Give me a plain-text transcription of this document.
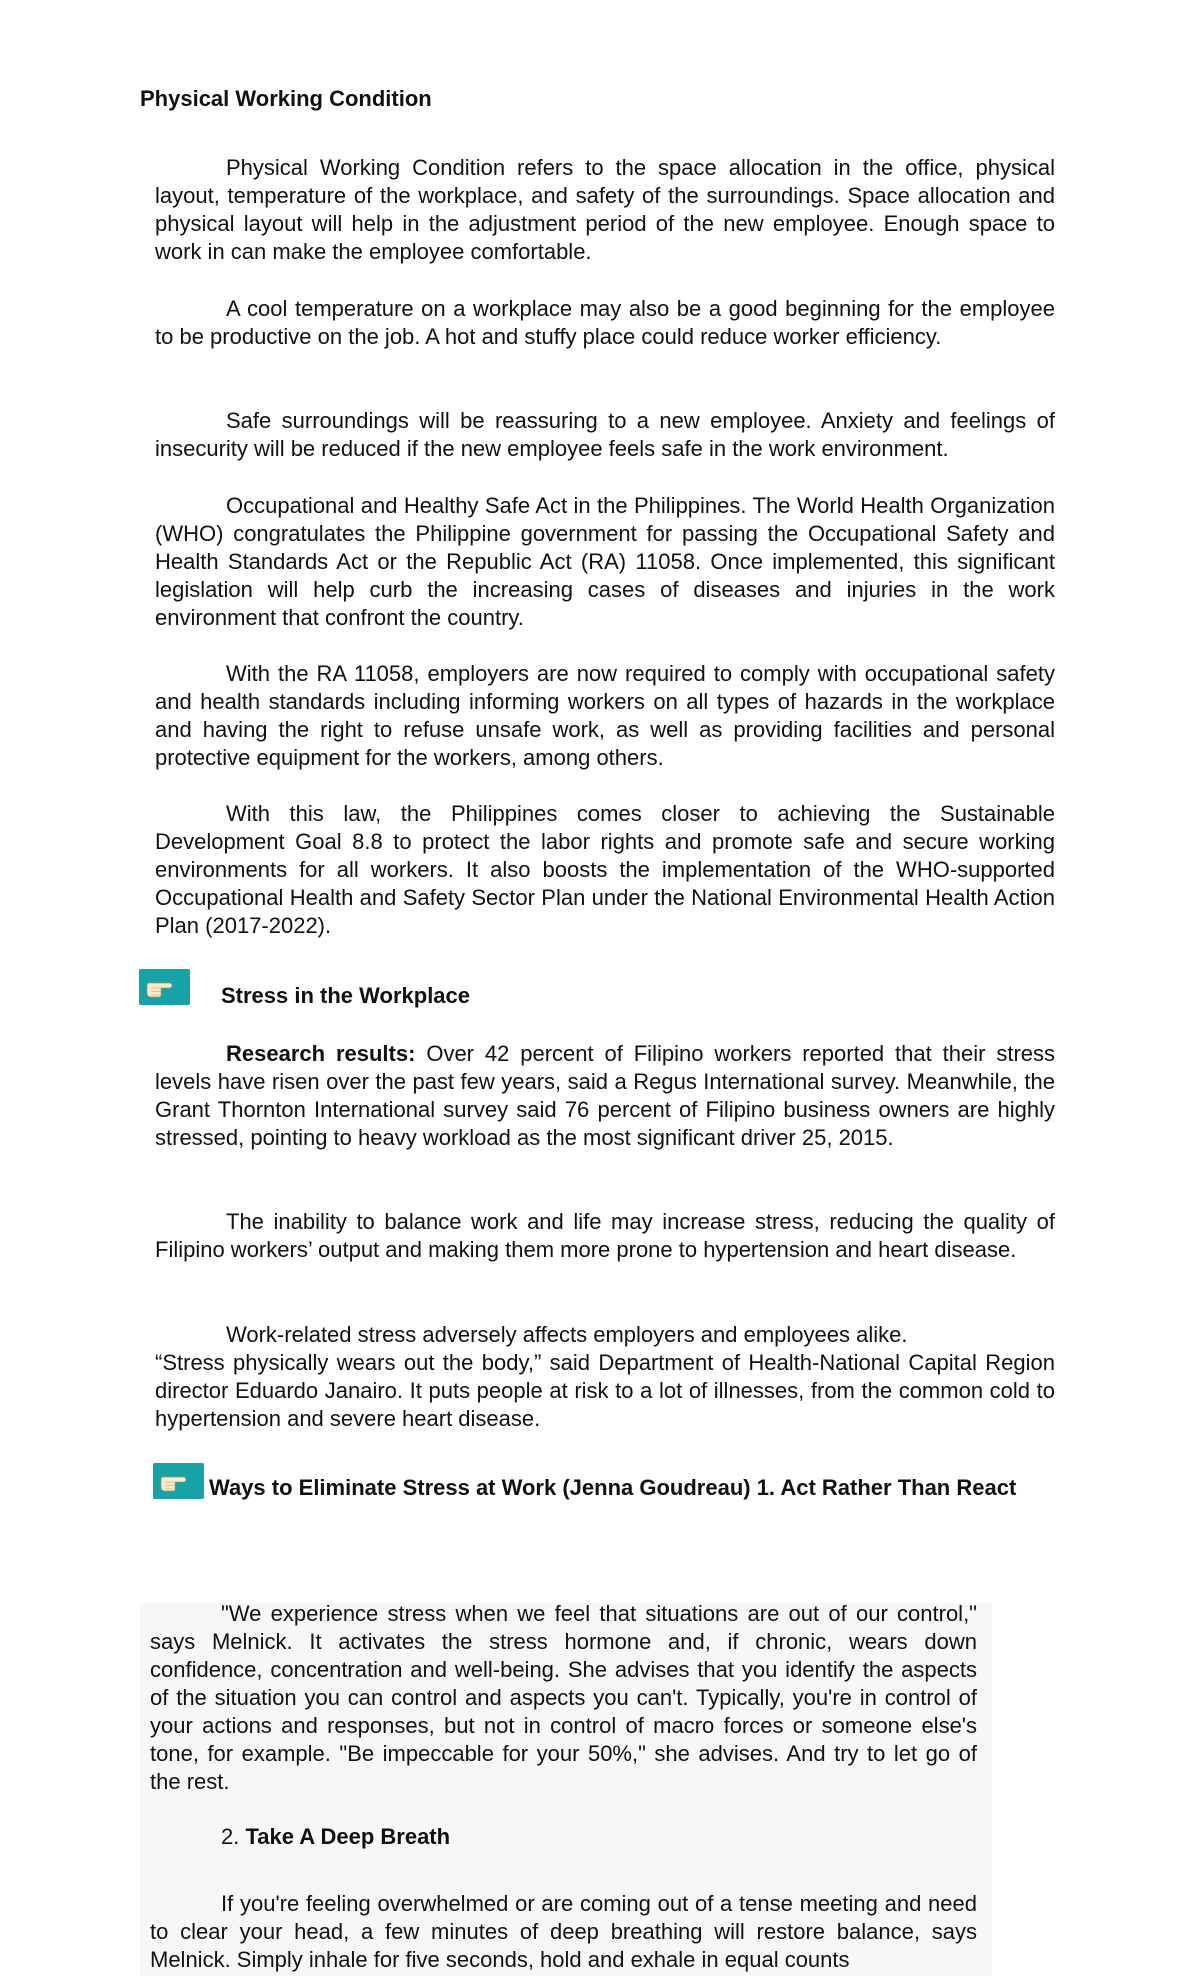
Physical Working Condition

Physical Working Condition refers to the space allocation in the office, physical layout, temperature of the workplace, and safety of the surroundings. Space allocation and physical layout will help in the adjustment period of the new employee. Enough space to work in can make the employee comfortable.

A cool temperature on a workplace may also be a good beginning for the employee to be productive on the job. A hot and stuffy place could reduce worker efficiency.

Safe surroundings will be reassuring to a new employee. Anxiety and feelings of insecurity will be reduced if the new employee feels safe in the work environment.

Occupational and Healthy Safe Act in the Philippines. The World Health Organization (WHO) congratulates the Philippine government for passing the Occupational Safety and Health Standards Act or the Republic Act (RA) 11058. Once implemented, this significant legislation will help curb the increasing cases of diseases and injuries in the work environment that confront the country.

With the RA 11058, employers are now required to comply with occupational safety and health standards including informing workers on all types of hazards in the workplace and having the right to refuse unsafe work, as well as providing facilities and personal protective equipment for the workers, among others.

With this law, the Philippines comes closer to achieving the Sustainable Development Goal 8.8 to protect the labor rights and promote safe and secure working environments for all workers. It also boosts the implementation of the WHO-supported Occupational Health and Safety Sector Plan under the National Environmental Health Action Plan (2017-2022).

Stress in the Workplace

Research results: Over 42 percent of Filipino workers reported that their stress levels have risen over the past few years, said a Regus International survey. Meanwhile, the Grant Thornton International survey said 76 percent of Filipino business owners are highly stressed, pointing to heavy workload as the most significant driver 25, 2015.

The inability to balance work and life may increase stress, reducing the quality of Filipino workers’ output and making them more prone to hypertension and heart disease.

Work-related stress adversely affects employers and employees alike.
“Stress physically wears out the body,” said Department of Health-National Capital Region director Eduardo Janairo. It puts people at risk to a lot of illnesses, from the common cold to hypertension and severe heart disease.

Ways to Eliminate Stress at Work (Jenna Goudreau) 1. Act Rather Than React

"We experience stress when we feel that situations are out of our control," says Melnick. It activates the stress hormone and, if chronic, wears down confidence, concentration and well-being. She advises that you identify the aspects of the situation you can control and aspects you can't. Typically, you're in control of your actions and responses, but not in control of macro forces or someone else's tone, for example. "Be impeccable for your 50%," she advises. And try to let go of the rest.

2. Take A Deep Breath

If you're feeling overwhelmed or are coming out of a tense meeting and need to clear your head, a few minutes of deep breathing will restore balance, says Melnick. Simply inhale for five seconds, hold and exhale in equal counts
